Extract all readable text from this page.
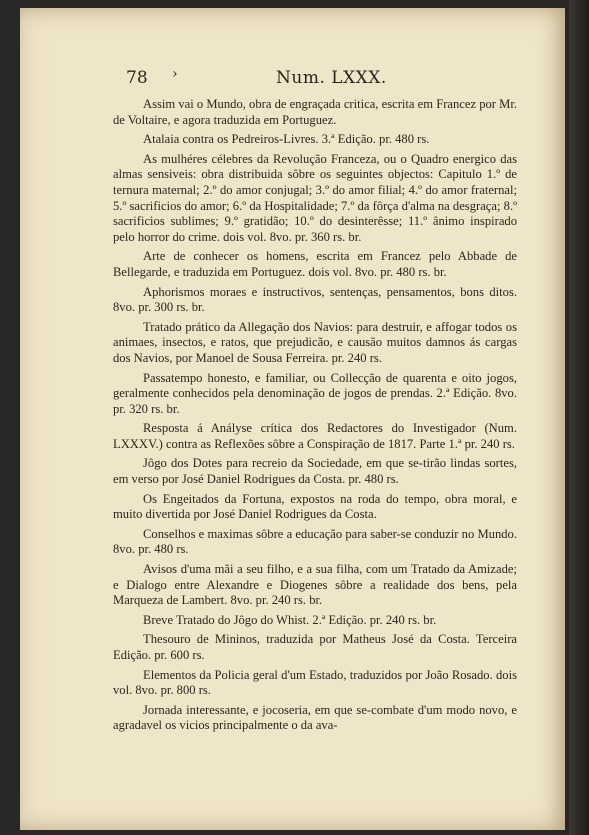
78 ›	Num. LXXX.

Assim vai o Mundo, obra de engraçada critica, escrita em Francez por Mr. de Voltaire, e agora traduzida em Portuguez.

Atalaia contra os Pedreiros-Livres. 3.ª Edição. pr. 480 rs.

As mulhéres célebres da Revolução Franceza, ou o Quadro energico das almas sensiveis: obra distribuida sôbre os seguintes objectos: Capitulo 1.º de ternura maternal; 2.º do amor conjugal; 3.º do amor filial; 4.º do amor fraternal; 5.º sacrificios do amor; 6.º da Hospitalidade; 7.º da fôrça d'alma na desgraça; 8.º sacrificios sublimes; 9.º gratidão; 10.º do desinterêsse; 11.º ânimo inspirado pelo horror do crime. dois vol. 8vo. pr. 360 rs. br.

Arte de conhecer os homens, escrita em Francez pelo Abbade de Bellegarde, e traduzida em Portuguez. dois vol. 8vo. pr. 480 rs. br.

Aphorismos moraes e instructivos, sentenças, pensamentos, bons ditos. 8vo. pr. 300 rs. br.

Tratado prático da Allegação dos Navios: para destruir, e affogar todos os animaes, insectos, e ratos, que prejudicão, e causão muitos damnos ás cargas dos Navios, por Manoel de Sousa Ferreira. pr. 240 rs.

Passatempo honesto, e familiar, ou Collecção de quarenta e oito jogos, geralmente conhecidos pela denominação de jogos de prendas. 2.ª Edição. 8vo. pr. 320 rs. br.

Resposta á Anályse crítica dos Redactores do Investigador (Num. LXXXV.) contra as Reflexões sôbre a Conspiração de 1817. Parte 1.ª pr. 240 rs.

Jôgo dos Dotes para recreio da Sociedade, em que se-tirão lindas sortes, em verso por José Daniel Rodrigues da Costa. pr. 480 rs.

Os Engeitados da Fortuna, expostos na roda do tempo, obra moral, e muito divertida por José Daniel Rodrigues da Costa.

Conselhos e maximas sôbre a educação para saber-se conduzir no Mundo. 8vo. pr. 480 rs.

Avisos d'uma mãi a seu filho, e a sua filha, com um Tratado da Amizade; e Dialogo entre Alexandre e Diogenes sôbre a realidade dos bens, pela Marqueza de Lambert. 8vo. pr. 240 rs. br.

Breve Tratado do Jôgo do Whist. 2.ª Edição. pr. 240 rs. br.

Thesouro de Mininos, traduzida por Matheus José da Costa. Terceira Edição. pr. 600 rs.

Elementos da Policia geral d'um Estado, traduzidos por João Rosado. dois vol. 8vo. pr. 800 rs.

Jornada interessante, e jocoseria, em que se-combate d'um modo novo, e agradavel os vicios principalmente o da ava-
